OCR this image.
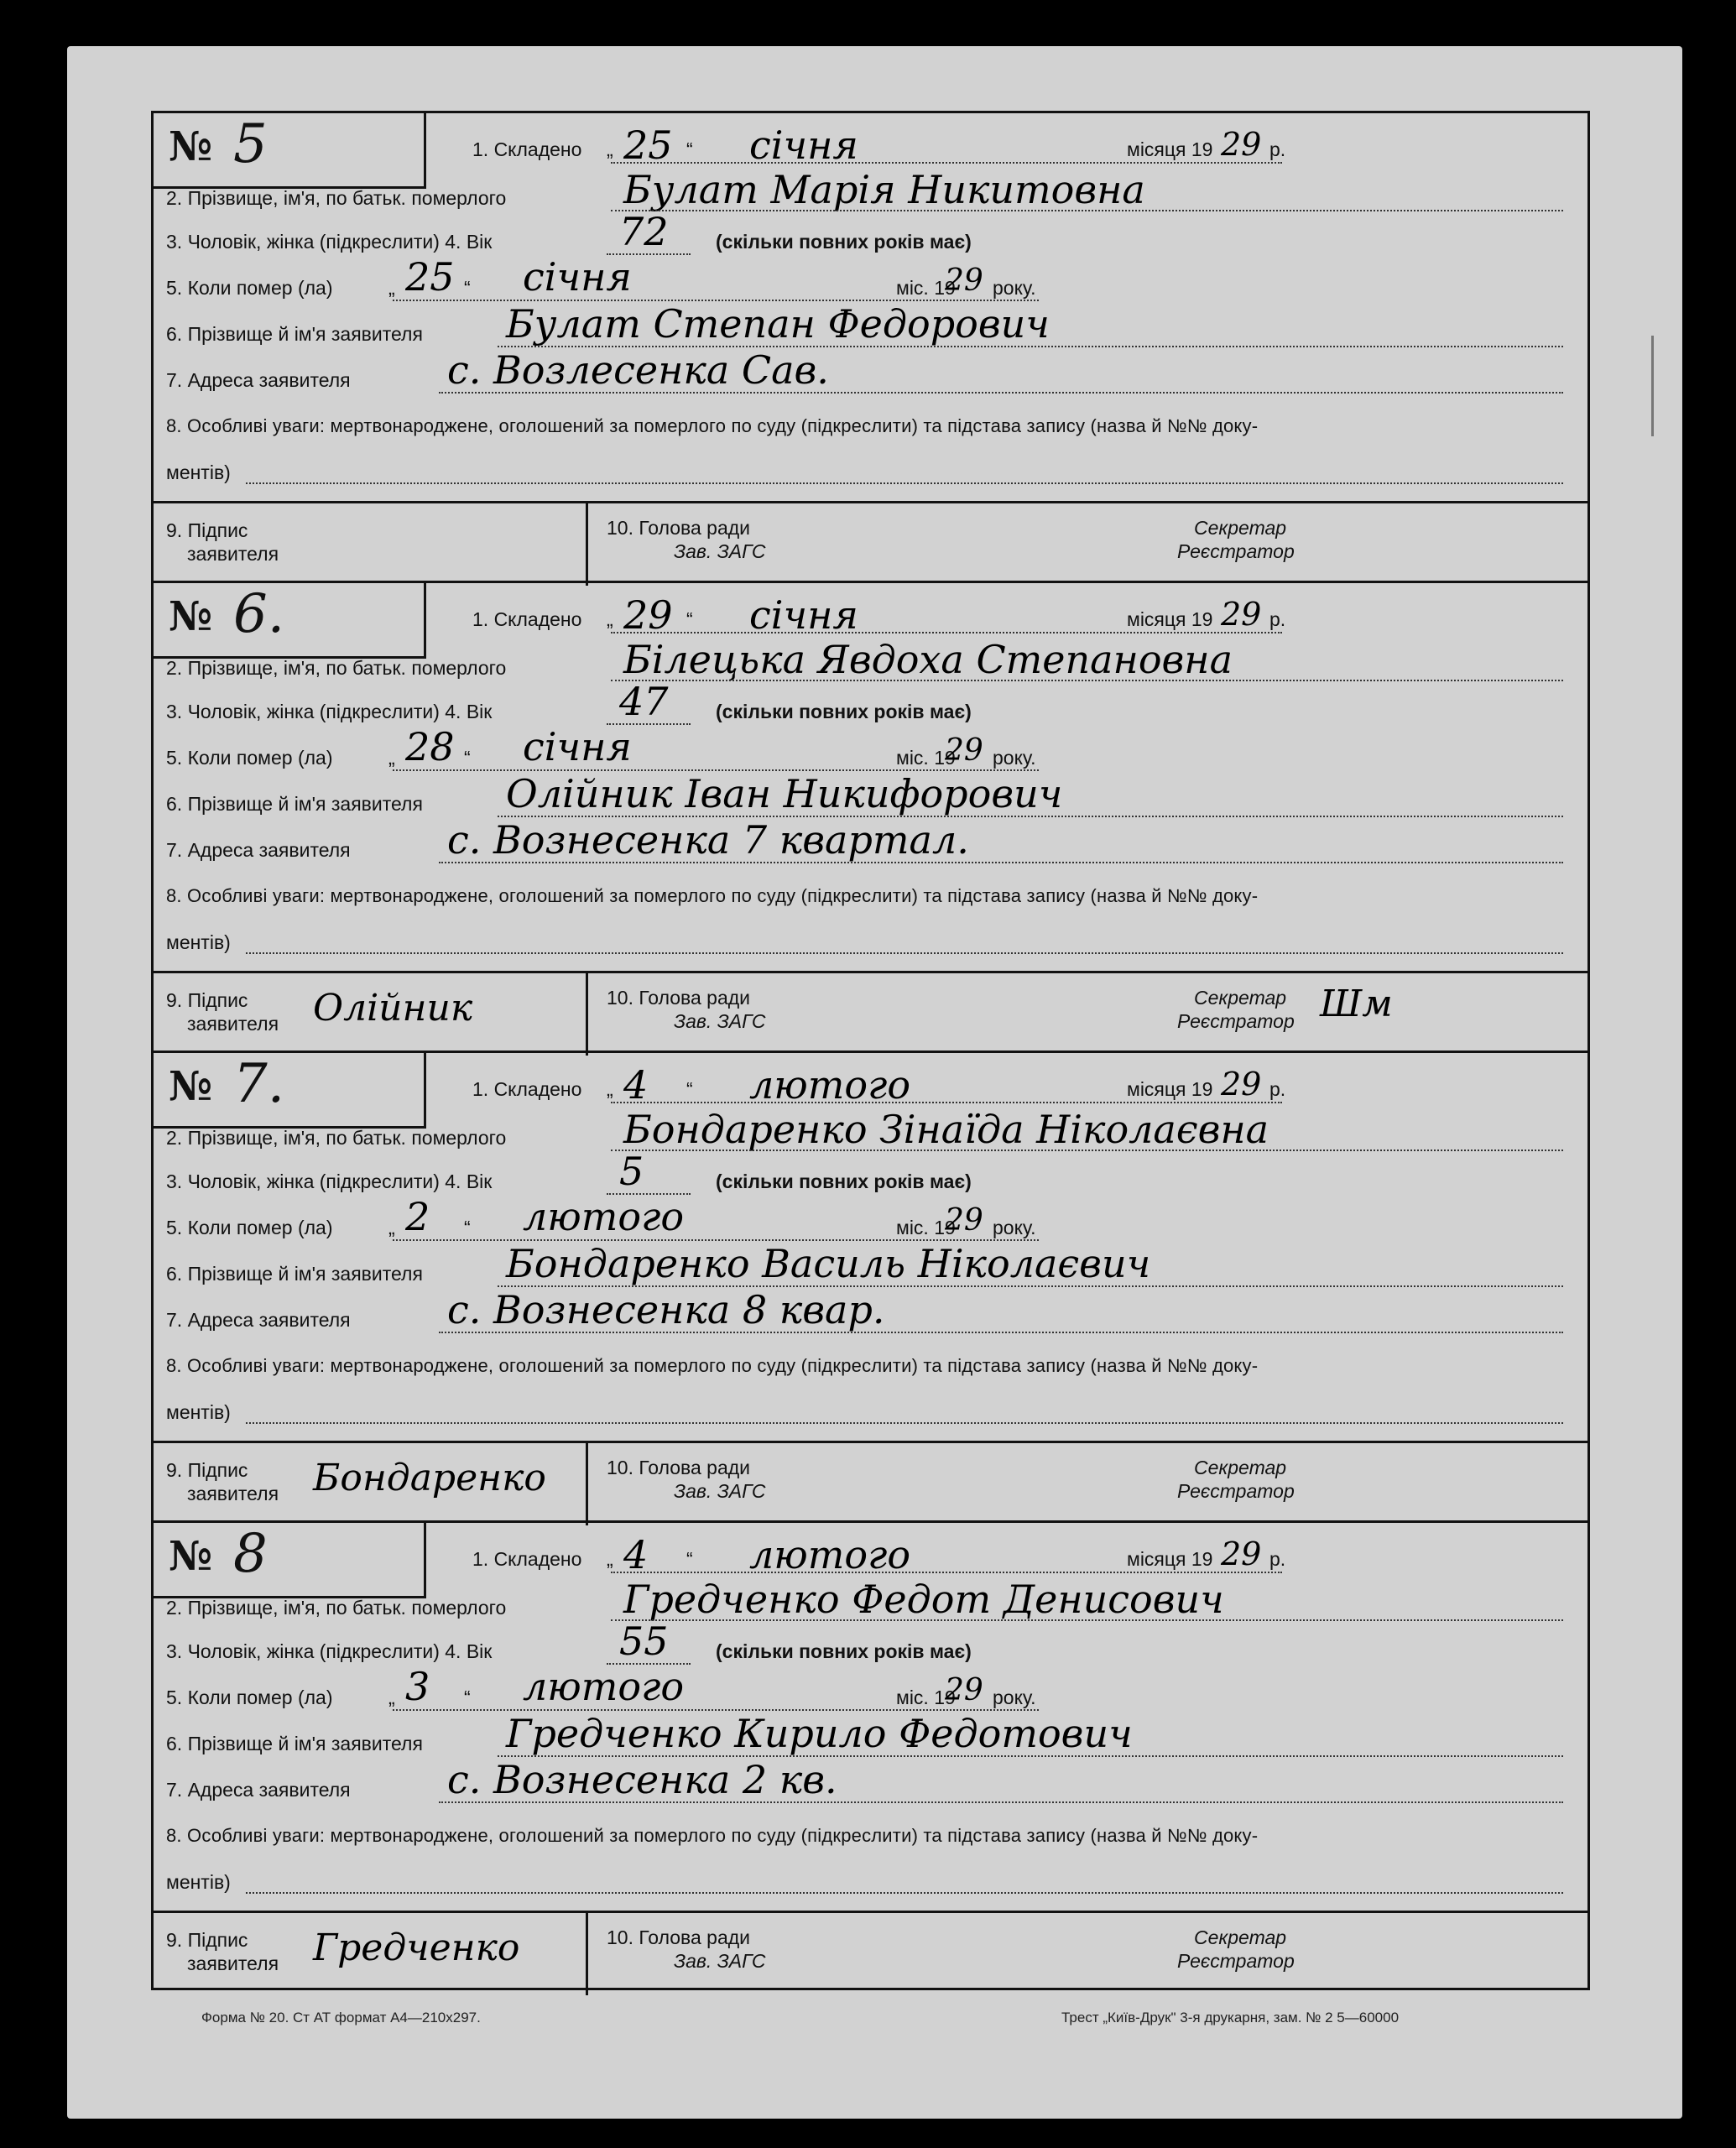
№ 5	1. Складено „ 25 “ січня	місяця 19 29 р.
2. Прізвище, ім'я, по батьк. померлого	Булат Марія Никитовна
3. Чоловік, жінка (підкреслити) 4. Вік	72 (скільки повних років має)
5. Коли помер (ла)	„ 25 “ січня	міс. 19
29 року.
6. Прізвище й ім'я заявителя Булат Степан Федорович
7. Адреса заявителя	с. Возлесенка Сав.
8. Особливі уваги: мертвонароджене, оголошений за померлого по суду (підкреслити) та підстава запису (назва й №№ доку-
ментів)
9. Підпис
заявителя
10. Голова ради
Зав. ЗАГС
Секретар
Реєстратор
№ 6.	1. Складено „ 29 “ січня	місяця 19 29 р.
2. Прізвище, ім'я, по батьк. померлого	Білецька Явдоха Степановна
3. Чоловік, жінка (підкреслити) 4. Вік	47 (скільки повних років має)
5. Коли помер (ла)	„ 28 “ січня	міс. 19
29 року.
6. Прізвище й ім'я заявителя Олійник Іван Никифорович
7. Адреса заявителя	с. Вознесенка 7 квартал.
8. Особливі уваги: мертвонароджене, оголошений за померлого по суду (підкреслити) та підстава запису (назва й №№ доку-
ментів)
9. Підпис
заявителя Олійник	10. Голова ради
Зав. ЗАГС
Секретар
Реєстратор Шм
№ 7.	1. Складено „ 4 “ лютого	місяця 19 29 р.
2. Прізвище, ім'я, по батьк. померлого	Бондаренко Зінаїда Ніколаєвна
3. Чоловік, жінка (підкреслити) 4. Вік	5	(скільки повних років має)
5. Коли помер (ла)	„ 2 “ лютого	міс. 19
29 року.
6. Прізвище й ім'я заявителя Бондаренко Василь Ніколаєвич
7. Адреса заявителя	с. Вознесенка 8 квар.
8. Особливі уваги: мертвонароджене, оголошений за померлого по суду (підкреслити) та підстава запису (назва й №№ доку-
ментів)
9. Підпис
заявителя Бондаренко	10. Голова ради
Зав. ЗАГС
Секретар
Реєстратор
№ 8	1. Складено „ 4 “ лютого	місяця 19 29 р.
2. Прізвище, ім'я, по батьк. померлого	Гредченко Федот Денисович
3. Чоловік, жінка (підкреслити) 4. Вік	55 (скільки повних років має)
5. Коли помер (ла)	„ 3 “ лютого	міс. 19
29 року.
6. Прізвище й ім'я заявителя Гредченко Кирило Федотович
7. Адреса заявителя	с. Вознесенка 2 кв.
8. Особливі уваги: мертвонароджене, оголошений за померлого по суду (підкреслити) та підстава запису (назва й №№ доку-
ментів)
9. Підпис
заявителя Гредченко	10. Голова ради
Зав. ЗАГС
Секретар
Реєстратор
Форма № 20. Ст АТ формат А4—210х297.	Трест „Київ-Друк" 3-я друкарня, зам. № 2 5—60000
